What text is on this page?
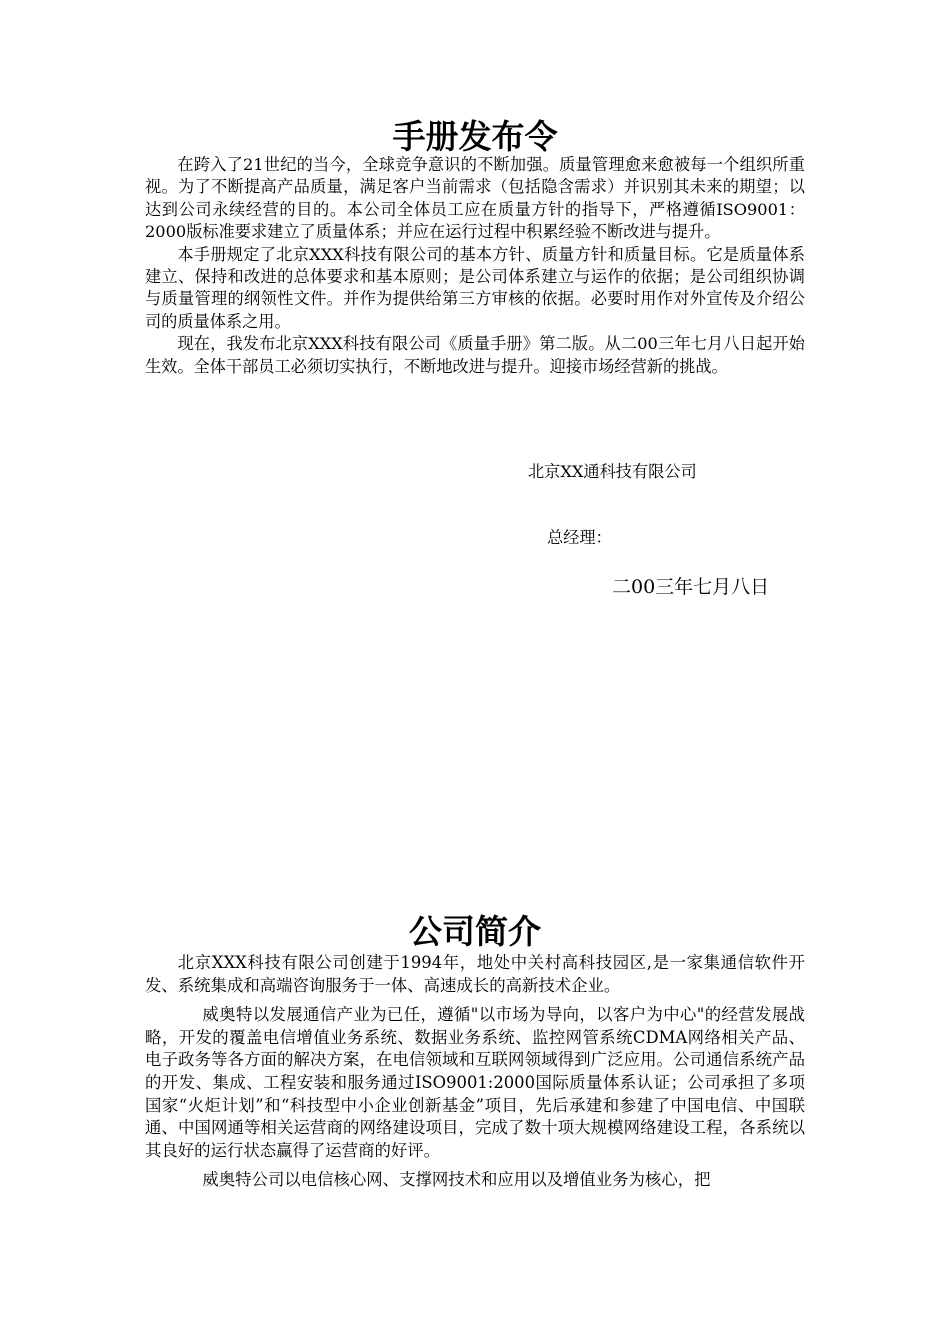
手册发布令

在跨入了21世纪的当今，全球竞争意识的不断加强。质量管理愈来愈被每一个组织所重视。为了不断提高产品质量，满足客户当前需求（包括隐含需求）并识别其未来的期望；以达到公司永续经营的目的。本公司全体员工应在质量方针的指导下，严格遵循ISO9001：2000版标准要求建立了质量体系；并应在运行过程中积累经验不断改进与提升。

本手册规定了北京XXX科技有限公司的基本方针、质量方针和质量目标。它是质量体系建立、保持和改进的总体要求和基本原则；是公司体系建立与运作的依据；是公司组织协调与质量管理的纲领性文件。并作为提供给第三方审核的依据。必要时用作对外宣传及介绍公司的质量体系之用。

现在，我发布北京XXX科技有限公司《质量手册》第二版。从二00三年七月八日起开始生效。全体干部员工必须切实执行，不断地改进与提升。迎接市场经营新的挑战。

北京XX通科技有限公司
总经理：
二00三年七月八日
公司简介

北京XXX科技有限公司创建于1994年，地处中关村高科技园区,是一家集通信软件开发、系统集成和高端咨询服务于一体、高速成长的高新技术企业。

威奥特以发展通信产业为已任，遵循"以市场为导向，以客户为中心"的经营发展战略，开发的覆盖电信增值业务系统、数据业务系统、监控网管系统CDMA网络相关产品、电子政务等各方面的解决方案，在电信领域和互联网领域得到广泛应用。公司通信系统产品的开发、集成、工程安装和服务通过ISO9001:2000国际质量体系认证；公司承担了多项国家“火炬计划”和“科技型中小企业创新基金”项目，先后承建和参建了中国电信、中国联通、中国网通等相关运营商的网络建设项目，完成了数十项大规模网络建设工程，各系统以其良好的运行状态赢得了运营商的好评。

威奥特公司以电信核心网、支撑网技术和应用以及增值业务为核心，把
